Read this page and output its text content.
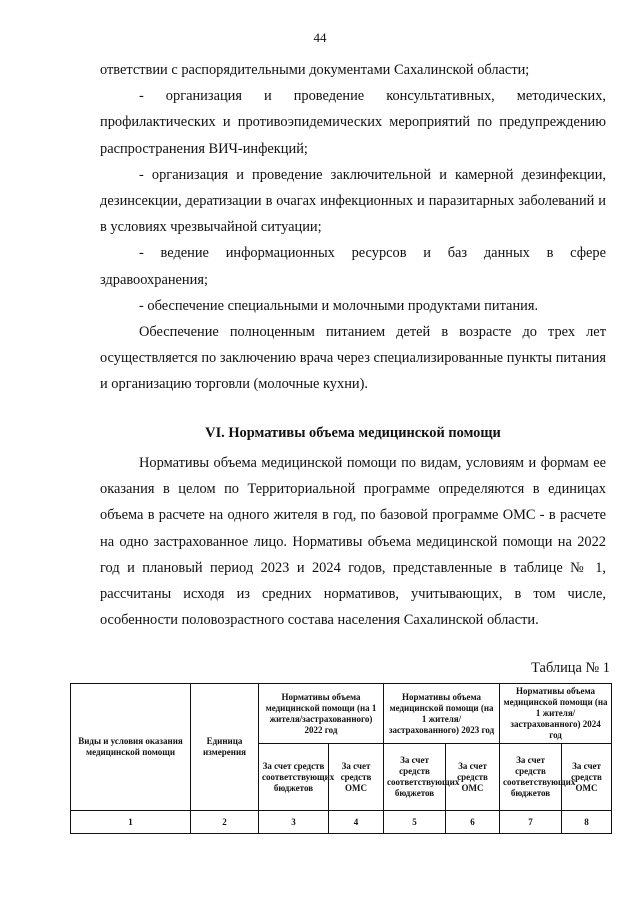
44

ответствии с распорядительными документами Сахалинской области;

- организация и проведение консультативных, методических, профилактических и противоэпидемических мероприятий по предупреждению распространения ВИЧ-инфекций;

- организация и проведение заключительной и камерной дезинфекции, дезинсекции, дератизации в очагах инфекционных и паразитарных заболеваний и в условиях чрезвычайной ситуации;

- ведение информационных ресурсов и баз данных в сфере здравоохранения;

- обеспечение специальными и молочными продуктами питания.

Обеспечение полноценным питанием детей в возрасте до трех лет осуществляется по заключению врача через специализированные пункты питания и организацию торговли (молочные кухни).

VI. Нормативы объема медицинской помощи

Нормативы объема медицинской помощи по видам, условиям и формам ее оказания в целом по Территориальной программе определяются в единицах объема в расчете на одного жителя в год, по базовой программе ОМС - в расчете на одно застрахованное лицо. Нормативы объема медицинской помощи на 2022 год и плановый период 2023 и 2024 годов, представленные в таблице № 1, рассчитаны исходя из средних нормативов, учитывающих, в том числе, особенности половозрастного состава населения Сахалинской области.

Таблица № 1
Виды и условия оказания медицинской помощи	Единица измерения	Нормативы объема медицинской помощи (на 1 жителя/застрахованного) 2022 год		Нормативы объема медицинской помощи (на 1 жителя/ застрахованного) 2023 год		Нормативы объема медицинской помощи (на 1 жителя/ застрахованного) 2024 год	
		За счет средств соответствующих бюджетов	За счет средств ОМС	За счет средств соответствующих бюджетов	За счет средств ОМС	За счет средств соответствующих бюджетов	За счет средств ОМС
1	2	3	4	5	6	7	8
